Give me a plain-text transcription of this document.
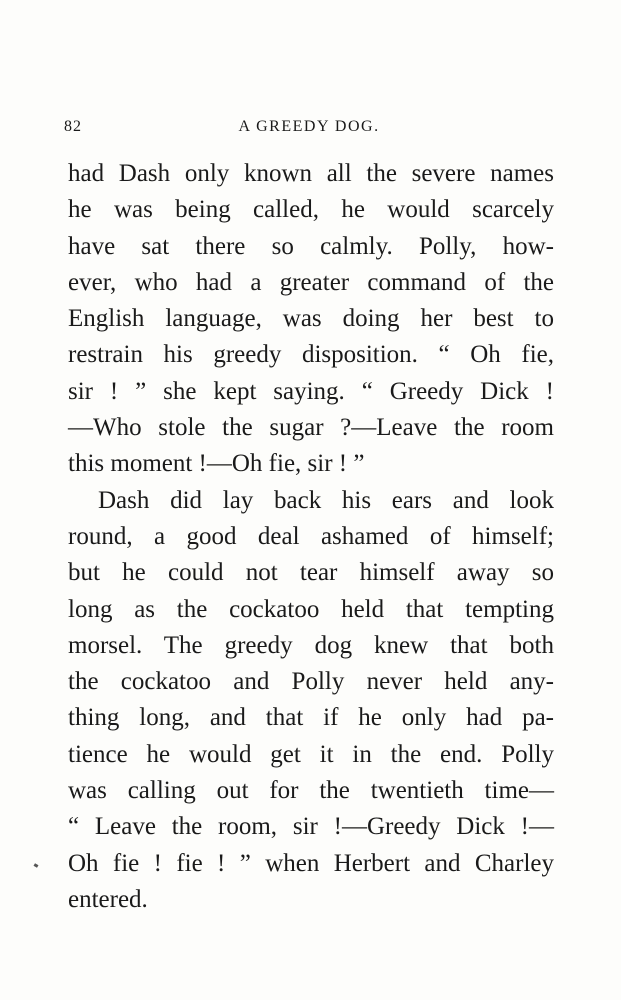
82	A GREEDY DOG.
had Dash only known all the severe names
he was being called, he would scarcely
have sat there so calmly. Polly, how-
ever, who had a greater command of the
English language, was doing her best to
restrain his greedy disposition. “ Oh fie,
sir ! ” she kept saying. “ Greedy Dick !
—Who stole the sugar ?—Leave the room
this moment !—Oh fie, sir ! ”
Dash did lay back his ears and look
round, a good deal ashamed of himself;
but he could not tear himself away so
long as the cockatoo held that tempting
morsel. The greedy dog knew that both
the cockatoo and Polly never held any-
thing long, and that if he only had pa-
tience he would get it in the end. Polly
was calling out for the twentieth time—
“ Leave the room, sir !—Greedy Dick !—
Oh fie ! fie ! ” when Herbert and Charley
entered.
